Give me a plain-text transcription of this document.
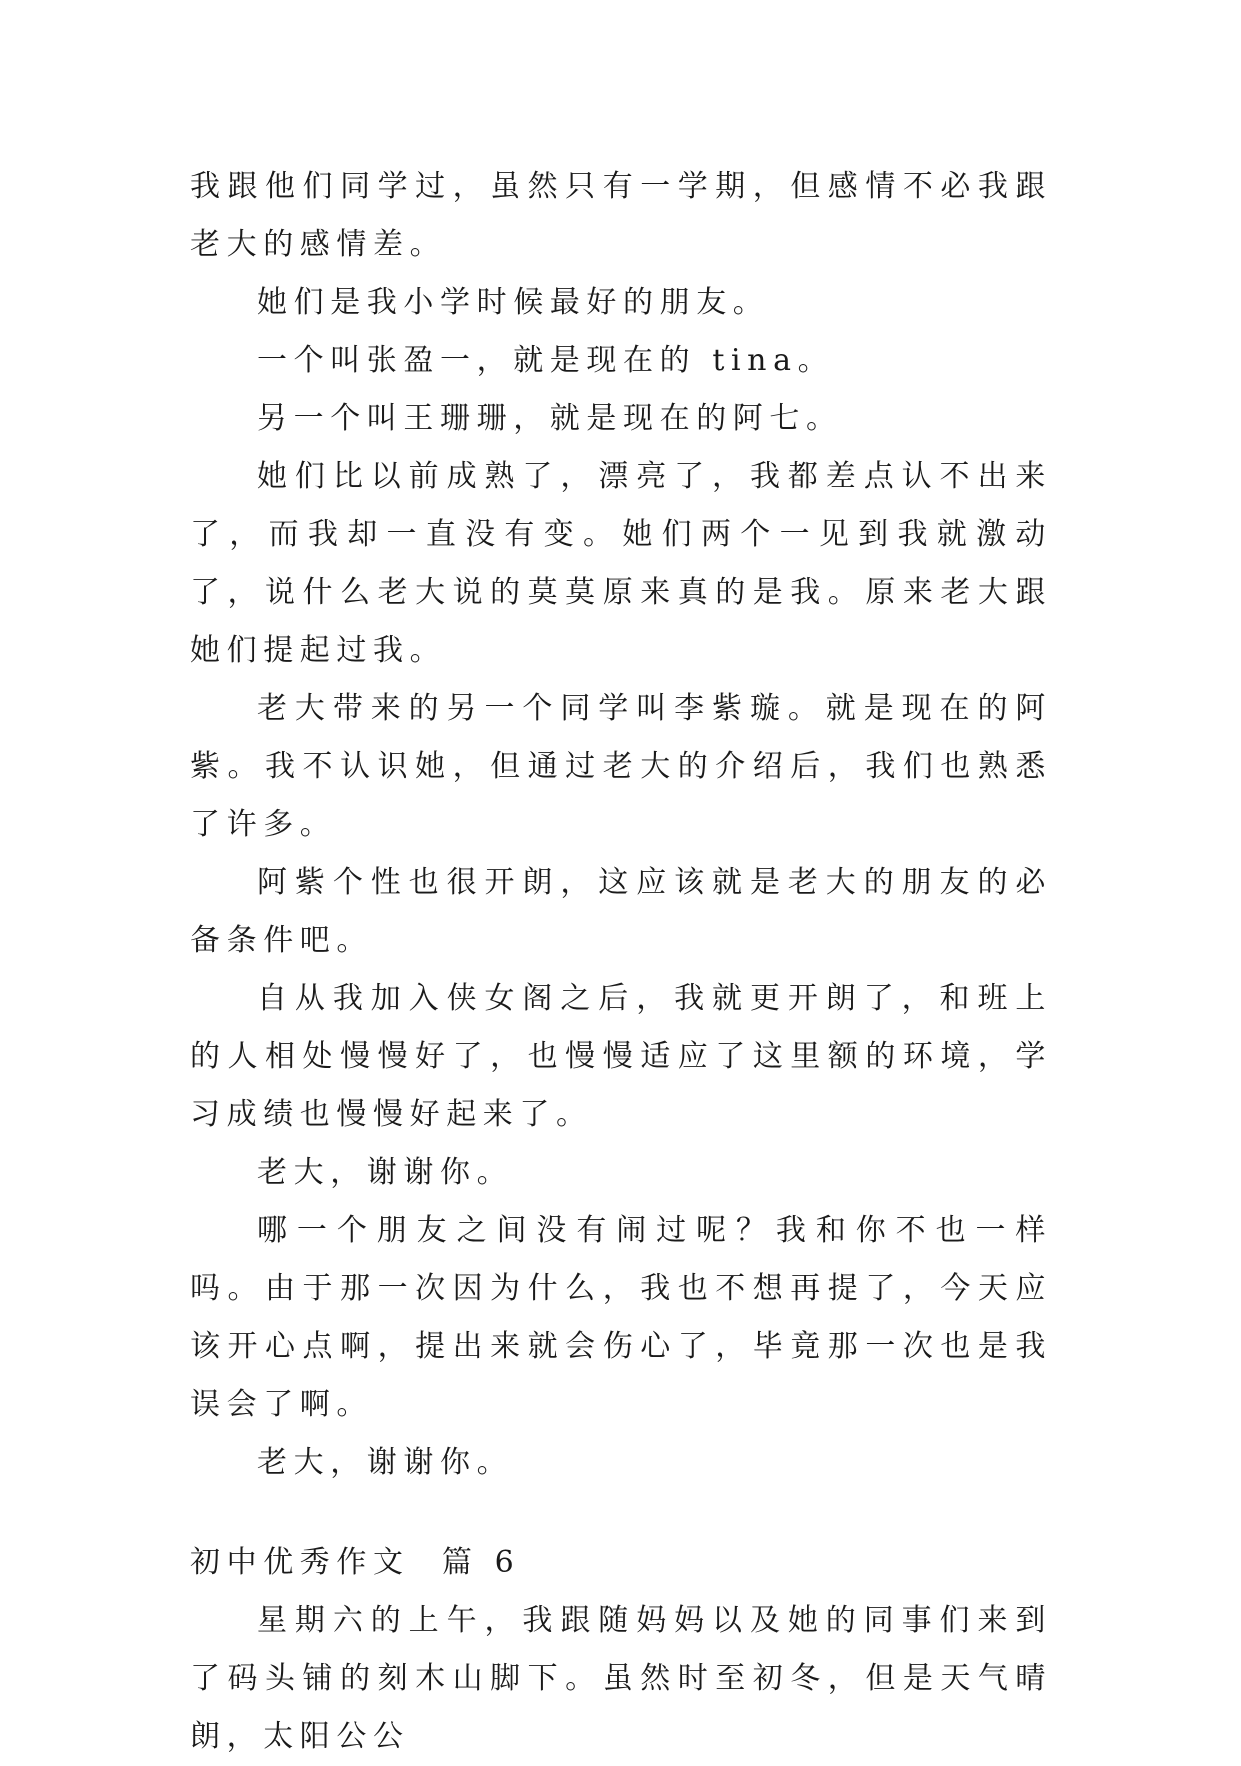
我跟他们同学过，虽然只有一学期，但感情不必我跟老大的感情差。

她们是我小学时候最好的朋友。

一个叫张盈一，就是现在的 tina。

另一个叫王珊珊，就是现在的阿七。

她们比以前成熟了，漂亮了，我都差点认不出来了，而我却一直没有变。她们两个一见到我就激动了，说什么老大说的莫莫原来真的是我。原来老大跟她们提起过我。

老大带来的另一个同学叫李紫璇。就是现在的阿紫。我不认识她，但通过老大的介绍后，我们也熟悉了许多。

阿紫个性也很开朗，这应该就是老大的朋友的必备条件吧。

自从我加入侠女阁之后，我就更开朗了，和班上的人相处慢慢好了，也慢慢适应了这里额的环境，学习成绩也慢慢好起来了。

老大，谢谢你。

哪一个朋友之间没有闹过呢？我和你不也一样吗。由于那一次因为什么，我也不想再提了，今天应该开心点啊，提出来就会伤心了，毕竟那一次也是我误会了啊。

老大，谢谢你。

初中优秀作文  篇 6

星期六的上午，我跟随妈妈以及她的同事们来到了码头铺的刻木山脚下。虽然时至初冬，但是天气晴朗，太阳公公
